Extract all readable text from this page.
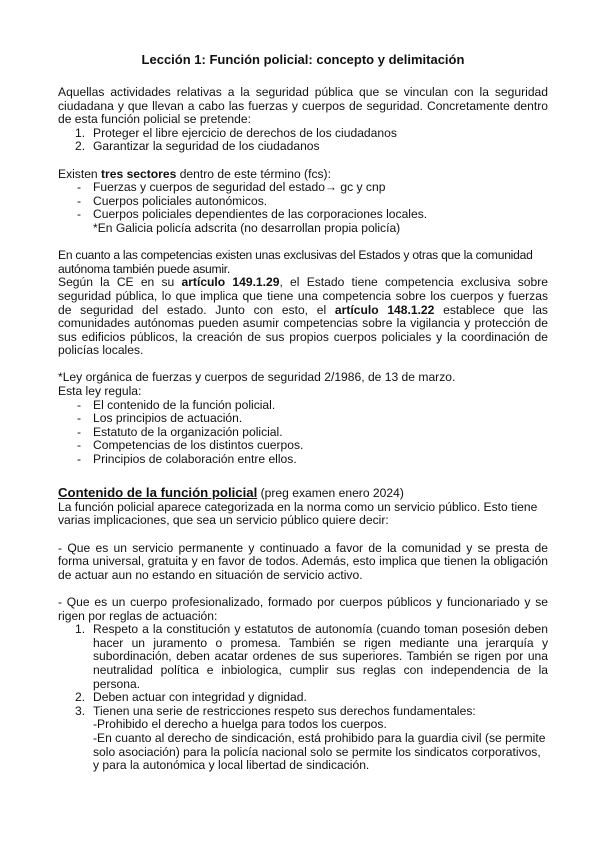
Lección 1: Función policial: concepto y delimitación

Aquellas actividades relativas a la seguridad pública que se vinculan con la seguridad ciudadana y que llevan a cabo las fuerzas y cuerpos de seguridad. Concretamente dentro de esta función policial se pretende:

1. Proteger el libre ejercicio de derechos de los ciudadanos
2. Garantizar la seguridad de los ciudadanos

Existen tres sectores dentro de este término (fcs):

- Fuerzas y cuerpos de seguridad del estado→ gc y cnp
- Cuerpos policiales autonómicos.
- Cuerpos policiales dependientes de las corporaciones locales.

*En Galicia policía adscrita (no desarrollan propia policía)

En cuanto a las competencias existen unas exclusivas del Estados y otras que la comunidad autónoma también puede asumir.

Según la CE en su artículo 149.1.29, el Estado tiene competencia exclusiva sobre seguridad pública, lo que implica que tiene una competencia sobre los cuerpos y fuerzas de seguridad del estado. Junto con esto, el artículo 148.1.22 establece que las comunidades autónomas pueden asumir competencias sobre la vigilancia y protección de sus edificios públicos, la creación de sus propios cuerpos policiales y la coordinación de policías locales.

*Ley orgánica de fuerzas y cuerpos de seguridad 2/1986, de 13 de marzo.

Esta ley regula:

- El contenido de la función policial.
- Los principios de actuación.
- Estatuto de la organización policial.
- Competencias de los distintos cuerpos.
- Principios de colaboración entre ellos.

Contenido de la función policial (preg examen enero 2024)

La función policial aparece categorizada en la norma como un servicio público. Esto tiene varias implicaciones, que sea un servicio público quiere decir:

- Que es un servicio permanente y continuado a favor de la comunidad y se presta de forma universal, gratuita y en favor de todos. Además, esto implica que tienen la obligación de actuar aun no estando en situación de servicio activo.

- Que es un cuerpo profesionalizado, formado por cuerpos públicos y funcionariado y se rigen por reglas de actuación:

1. Respeto a la constitución y estatutos de autonomía (cuando toman posesión deben hacer un juramento o promesa. También se rigen mediante una jerarquía y subordinación, deben acatar ordenes de sus superiores. También se rigen por una neutralidad política e inbiologica, cumplir sus reglas con independencia de la persona.
2. Deben actuar con integridad y dignidad.
3. Tienen una serie de restricciones respeto sus derechos fundamentales:

-Prohibido el derecho a huelga para todos los cuerpos.

-En cuanto al derecho de sindicación, está prohibido para la guardia civil (se permite solo asociación) para la policía nacional solo se permite los sindicatos corporativos, y para la autonómica y local libertad de sindicación.
